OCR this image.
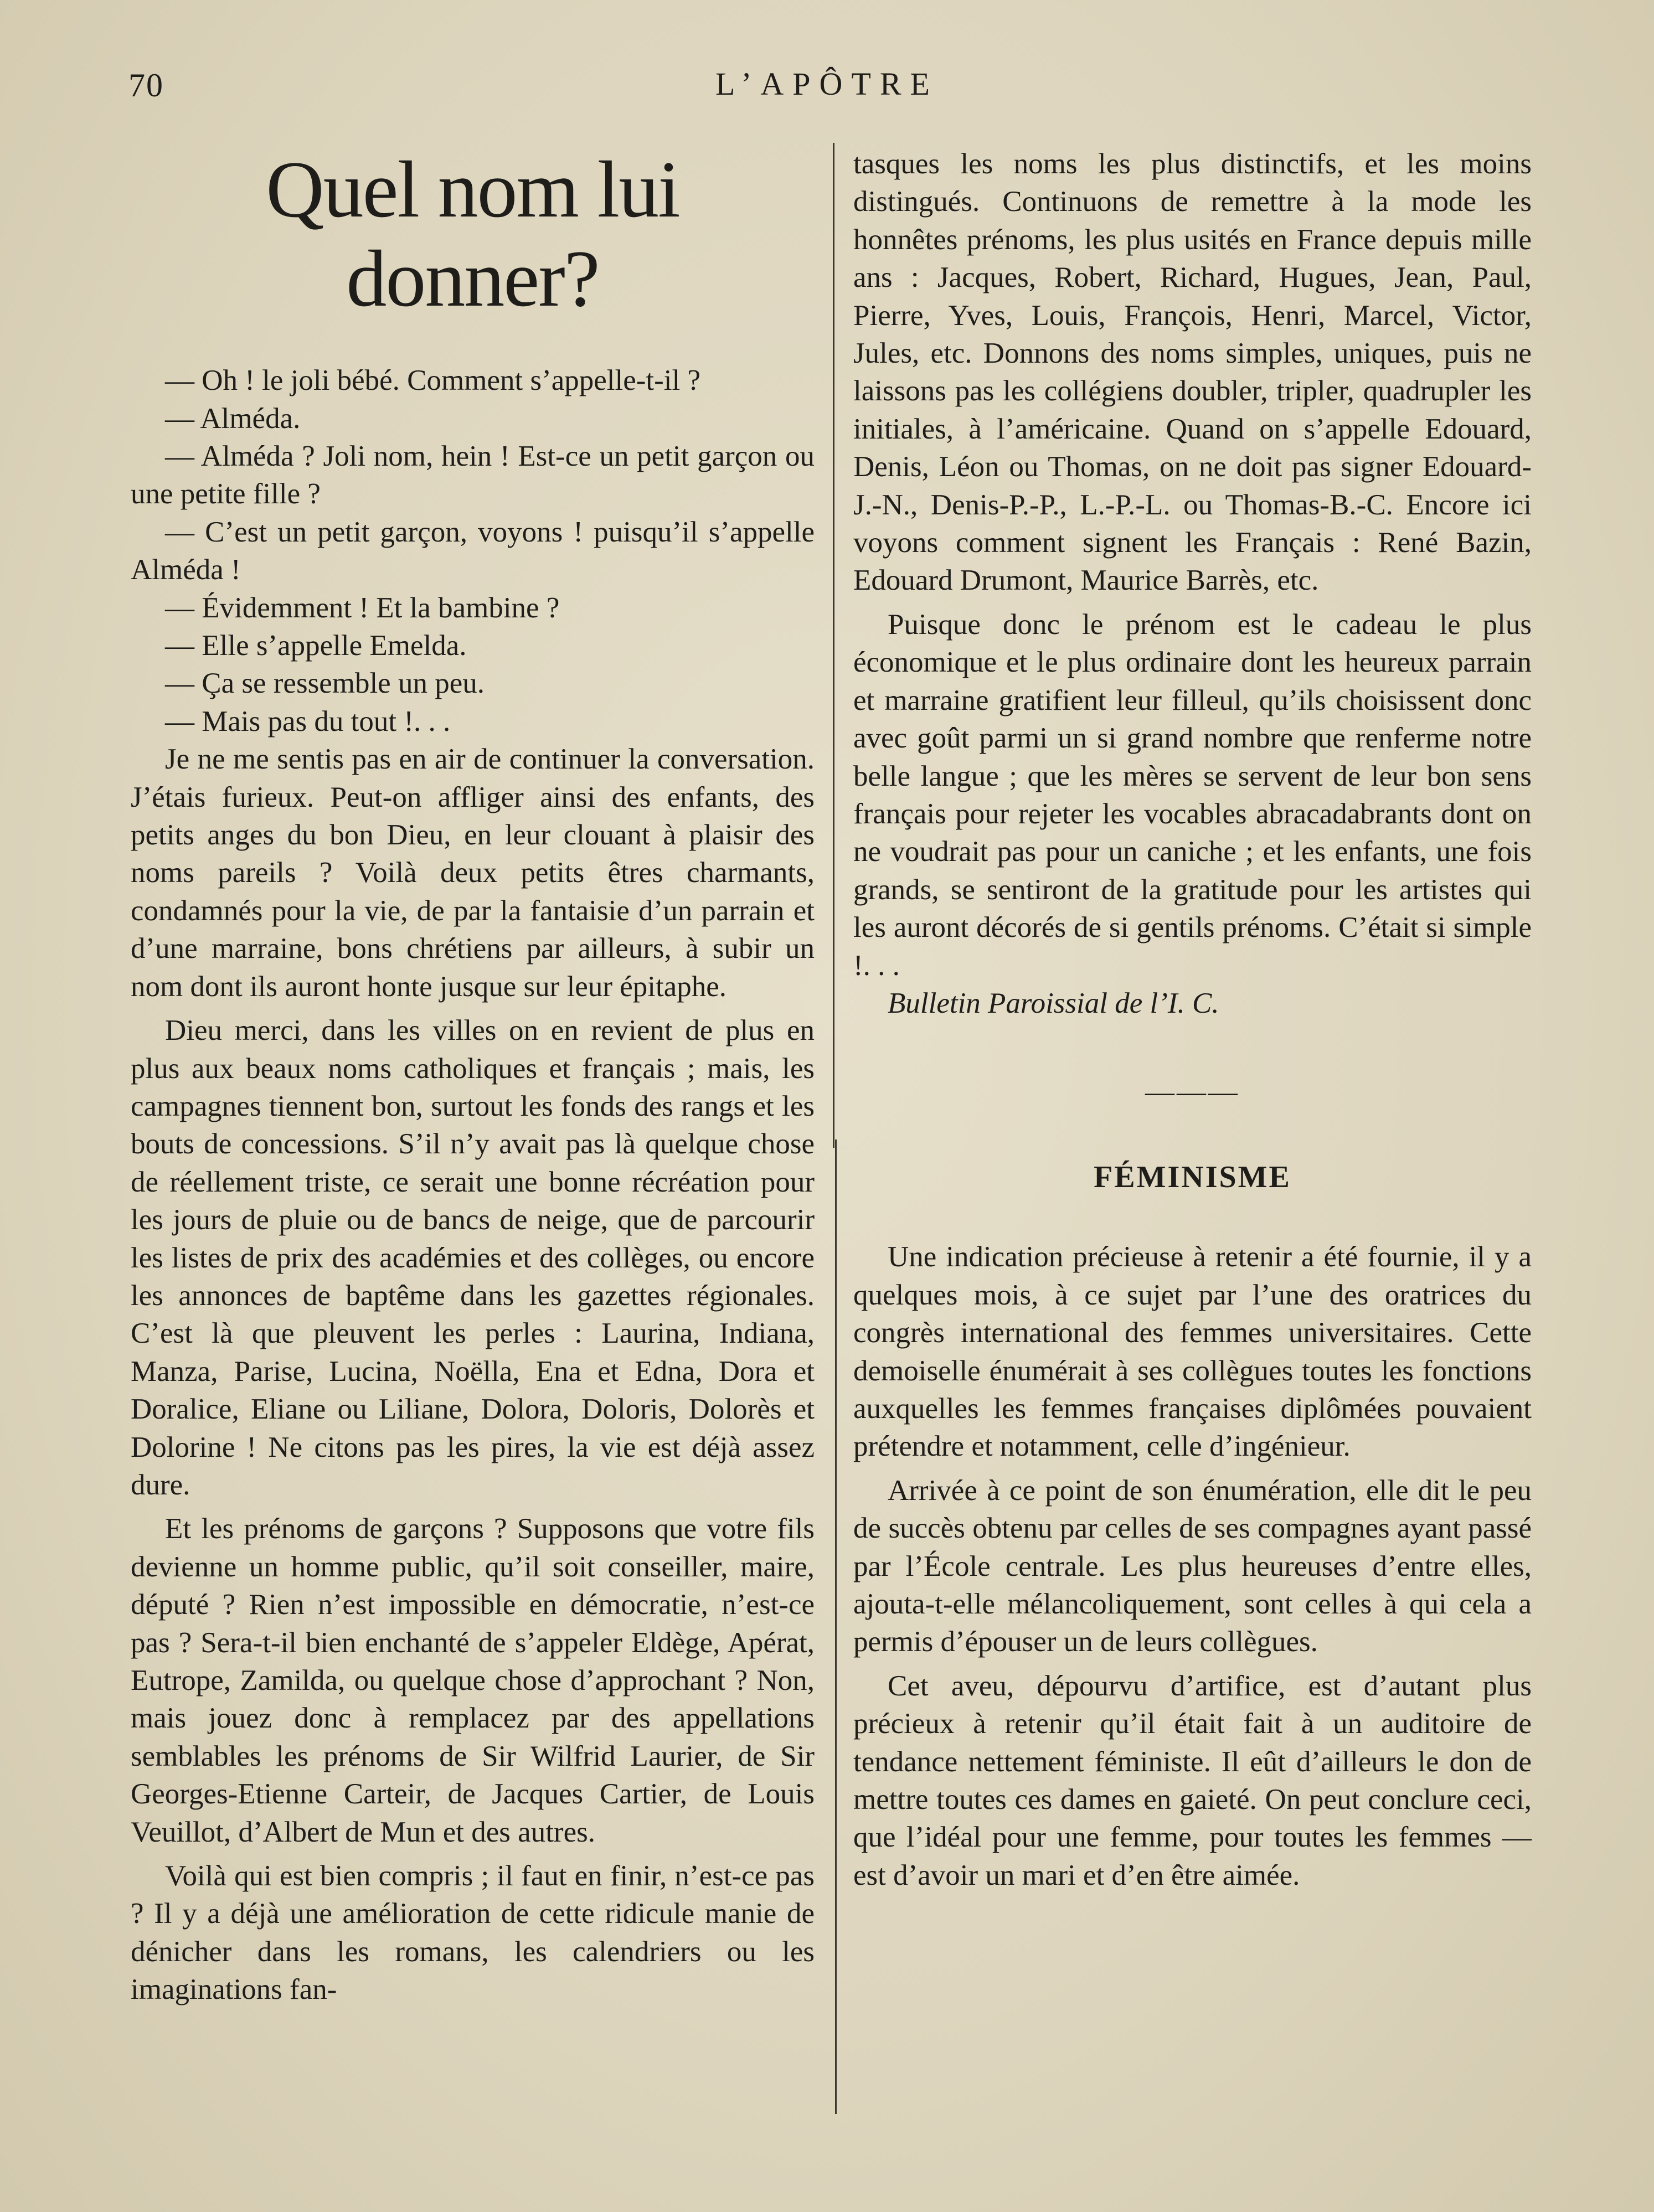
70	L’APÔTRE
Quel nom lui donner?

— Oh ! le joli bébé. Comment s’appelle-t-il ?

— Alméda.

— Alméda ? Joli nom, hein ! Est-ce un petit garçon ou une petite fille ?

— C’est un petit garçon, voyons ! puisqu’il s’appelle Alméda !

— Évidemment ! Et la bambine ?

— Elle s’appelle Emelda.

— Ça se ressemble un peu.

— Mais pas du tout !. . .

Je ne me sentis pas en air de continuer la conversation. J’étais furieux. Peut-on affliger ainsi des enfants, des petits anges du bon Dieu, en leur clouant à plaisir des noms pareils ? Voilà deux petits êtres charmants, condamnés pour la vie, de par la fantaisie d’un parrain et d’une marraine, bons chrétiens par ailleurs, à subir un nom dont ils auront honte jusque sur leur épitaphe.

Dieu merci, dans les villes on en revient de plus en plus aux beaux noms catholiques et français ; mais, les campagnes tiennent bon, surtout les fonds des rangs et les bouts de concessions. S’il n’y avait pas là quelque chose de réellement triste, ce serait une bonne récréation pour les jours de pluie ou de bancs de neige, que de parcourir les listes de prix des académies et des collèges, ou encore les annonces de baptême dans les gazettes régionales. C’est là que pleuvent les perles : Laurina, Indiana, Manza, Parise, Lucina, Noëlla, Ena et Edna, Dora et Doralice, Eliane ou Liliane, Dolora, Doloris, Dolorès et Dolorine ! Ne citons pas les pires, la vie est déjà assez dure.

Et les prénoms de garçons ? Supposons que votre fils devienne un homme public, qu’il soit conseiller, maire, député ? Rien n’est impossible en démocratie, n’est-ce pas ? Sera-t-il bien enchanté de s’appeler Eldège, Apérat, Eutrope, Zamilda, ou quelque chose d’approchant ? Non, mais jouez donc à remplacez par des appellations semblables les prénoms de Sir Wilfrid Laurier, de Sir Georges-Etienne Carteir, de Jacques Cartier, de Louis Veuillot, d’Albert de Mun et des autres.

Voilà qui est bien compris ; il faut en finir, n’est-ce pas ? Il y a déjà une amélioration de cette ridicule manie de dénicher dans les romans, les calendriers ou les imaginations fan-

tasques les noms les plus distinctifs, et les moins distingués. Continuons de remettre à la mode les honnêtes prénoms, les plus usités en France depuis mille ans : Jacques, Robert, Richard, Hugues, Jean, Paul, Pierre, Yves, Louis, François, Henri, Marcel, Victor, Jules, etc. Donnons des noms simples, uniques, puis ne laissons pas les collégiens doubler, tripler, quadrupler les initiales, à l’américaine. Quand on s’appelle Edouard, Denis, Léon ou Thomas, on ne doit pas signer Edouard-J.-N., Denis-P.-P., L.-P.-L. ou Thomas-B.-C. Encore ici voyons comment signent les Français : René Bazin, Edouard Drumont, Maurice Barrès, etc.

Puisque donc le prénom est le cadeau le plus économique et le plus ordinaire dont les heureux parrain et marraine gratifient leur filleul, qu’ils choisissent donc avec goût parmi un si grand nombre que renferme notre belle langue ; que les mères se servent de leur bon sens français pour rejeter les vocables abracadabrants dont on ne voudrait pas pour un caniche ; et les enfants, une fois grands, se sentiront de la gratitude pour les artistes qui les auront décorés de si gentils prénoms. C’était si simple !. . .

Bulletin Paroissial de l’I. C.

———
FÉMINISME

Une indication précieuse à retenir a été fournie, il y a quelques mois, à ce sujet par l’une des oratrices du congrès international des femmes universitaires. Cette demoiselle énumérait à ses collègues toutes les fonctions auxquelles les femmes françaises diplômées pouvaient prétendre et notamment, celle d’ingénieur.

Arrivée à ce point de son énumération, elle dit le peu de succès obtenu par celles de ses compagnes ayant passé par l’École centrale. Les plus heureuses d’entre elles, ajouta-t-elle mélancoliquement, sont celles à qui cela a permis d’épouser un de leurs collègues.

Cet aveu, dépourvu d’artifice, est d’autant plus précieux à retenir qu’il était fait à un auditoire de tendance nettement féministe. Il eût d’ailleurs le don de mettre toutes ces dames en gaieté. On peut conclure ceci, que l’idéal pour une femme, pour toutes les femmes — est d’avoir un mari et d’en être aimée.
